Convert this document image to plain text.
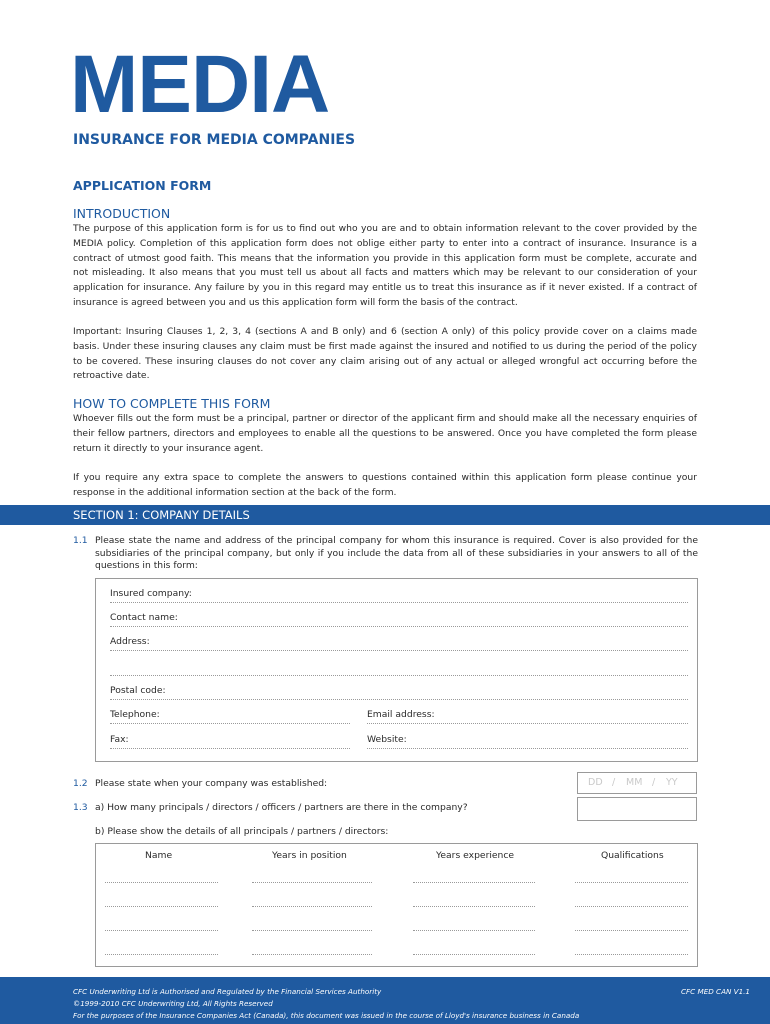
MEDIA
INSURANCE FOR MEDIA COMPANIES
APPLICATION FORM
INTRODUCTION
The purpose of this application form is for us to find out who you are and to obtain information relevant to the cover provided by the MEDIA policy. Completion of this application form does not oblige either party to enter into a contract of insurance. Insurance is a contract of utmost good faith. This means that the information you provide in this application form must be complete, accurate and not misleading. It also means that you must tell us about all facts and matters which may be relevant to our consideration of your application for insurance. Any failure by you in this regard may entitle us to treat this insurance as if it never existed. If a contract of insurance is agreed between you and us this application form will form the basis of the contract.
Important: Insuring Clauses 1, 2, 3, 4 (sections A and B only) and 6 (section A only) of this policy provide cover on a claims made basis. Under these insuring clauses any claim must be first made against the insured and notified to us during the period of the policy to be covered. These insuring clauses do not cover any claim arising out of any actual or alleged wrongful act occurring before the retroactive date.
HOW TO COMPLETE THIS FORM
Whoever fills out the form must be a principal, partner or director of the applicant firm and should make all the necessary enquiries of their fellow partners, directors and employees to enable all the questions to be answered. Once you have completed the form please return it directly to your insurance agent.
If you require any extra space to complete the answers to questions contained within this application form please continue your response in the additional information section at the back of the form.
SECTION 1: COMPANY DETAILS
1.1 Please state the name and address of the principal company for whom this insurance is required. Cover is also provided for the subsidiaries of the principal company, but only if you include the data from all of these subsidiaries in your answers to all of the questions in this form:
Insured company:
Contact name:
Address:
Postal code:
Telephone:	Email address:
Fax:	Website:
1.2 Please state when your company was established:	DD / MM / YY
1.3 a) How many principals / directors / officers / partners are there in the company?
b) Please show the details of all principals / partners / directors:
Name	Years in position	Years experience	Qualifications
CFC Underwriting Ltd is Authorised and Regulated by the Financial Services Authority
©1999-2010 CFC Underwriting Ltd, All Rights Reserved
For the purposes of the Insurance Companies Act (Canada), this document was issued in the course of Lloyd's insurance business in Canada
CFC MED CAN V1.1
